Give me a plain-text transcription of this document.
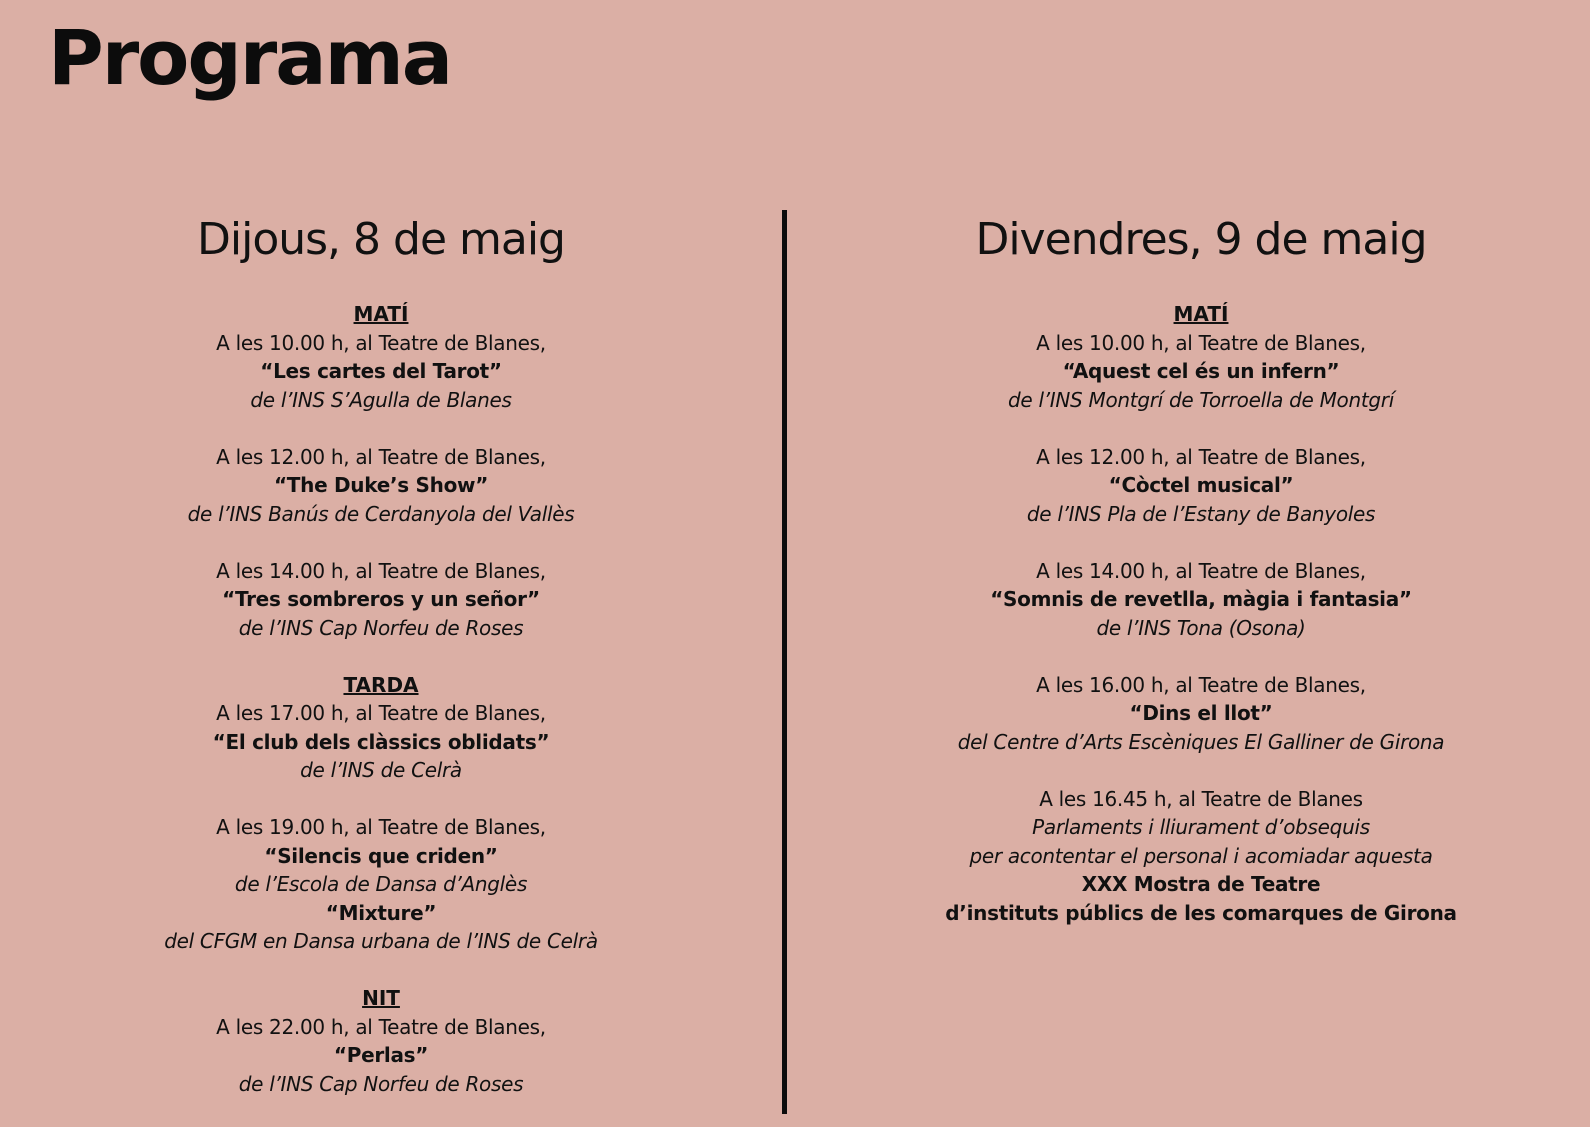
Programa
Dijous, 8 de maig
MATÍ
A les 10.00 h, al Teatre de Blanes,
“Les cartes del Tarot”
de l’INS S’Agulla de Blanes
A les 12.00 h, al Teatre de Blanes,
“The Duke’s Show”
de l’INS Banús de Cerdanyola del Vallès
A les 14.00 h, al Teatre de Blanes,
“Tres sombreros y un señor”
de l’INS Cap Norfeu de Roses
TARDA
A les 17.00 h, al Teatre de Blanes,
“El club dels clàssics oblidats”
de l’INS de Celrà
A les 19.00 h, al Teatre de Blanes,
“Silencis que criden”
de l’Escola de Dansa d’Anglès
“Mixture”
del CFGM en Dansa urbana de l’INS de Celrà
NIT
A les 22.00 h, al Teatre de Blanes,
“Perlas”
de l’INS Cap Norfeu de Roses
Divendres, 9 de maig
MATÍ
A les 10.00 h, al Teatre de Blanes,
“Aquest cel és un infern”
de l’INS Montgrí de Torroella de Montgrí
A les 12.00 h, al Teatre de Blanes,
“Còctel musical”
de l’INS Pla de l’Estany de Banyoles
A les 14.00 h, al Teatre de Blanes,
“Somnis de revetlla, màgia i fantasia”
de l’INS Tona (Osona)
A les 16.00 h, al Teatre de Blanes,
“Dins el llot”
del Centre d’Arts Escèniques El Galliner de Girona
A les 16.45 h, al Teatre de Blanes
Parlaments i lliurament d’obsequis
per acontentar el personal i acomiadar aquesta
XXX Mostra de Teatre
d’instituts públics de les comarques de Girona
